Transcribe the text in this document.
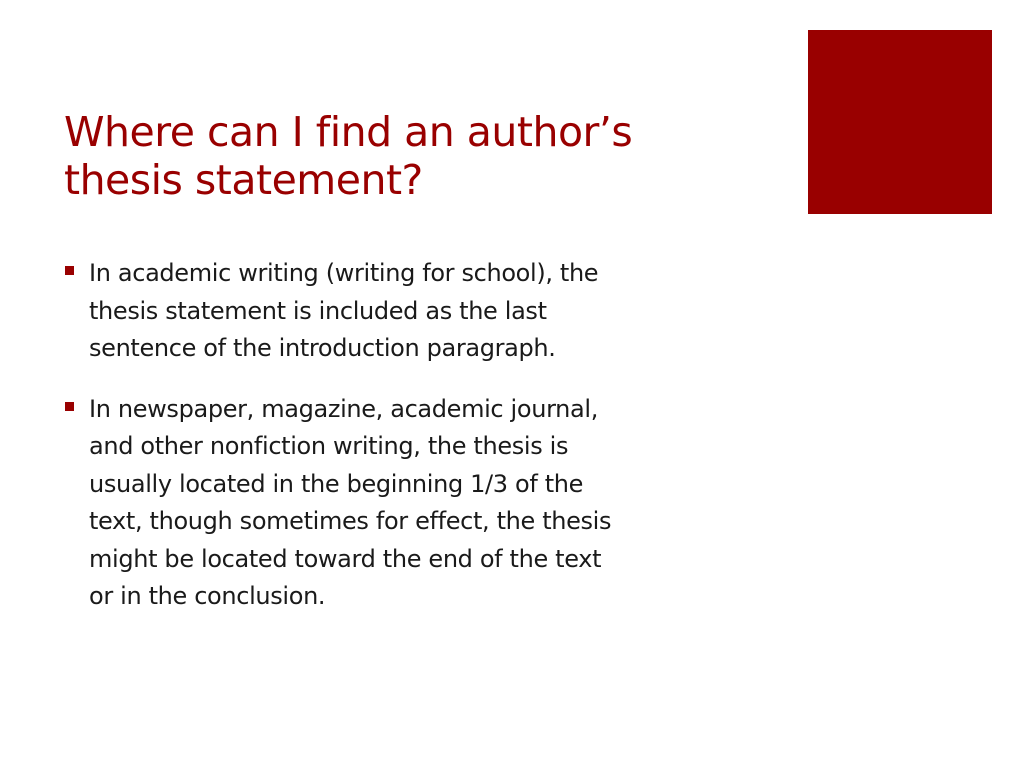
Where can I find an author’s
thesis statement?
In academic writing (writing for school), the
thesis statement is included as the last
sentence of the introduction paragraph.
In newspaper, magazine, academic journal,
and other nonfiction writing, the thesis is
usually located in the beginning 1/3 of the
text, though sometimes for effect, the thesis
might be located toward the end of the text
or in the conclusion.
